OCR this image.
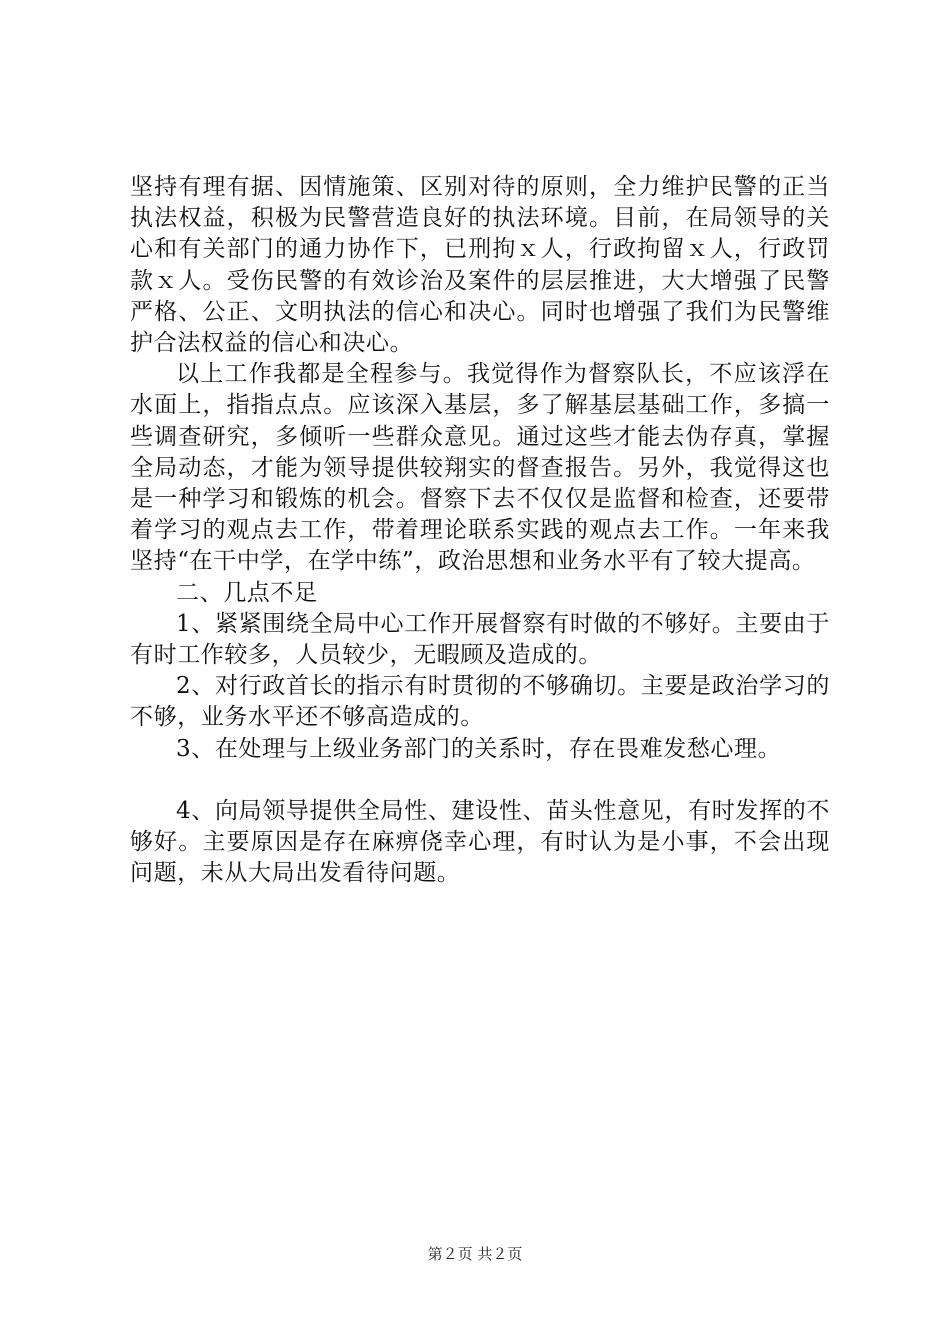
坚持有理有据、因情施策、区别对待的原则，全力维护民警的正当执法权益，积极为民警营造良好的执法环境。目前，在局领导的关心和有关部门的通力协作下，已刑拘ｘ人，行政拘留ｘ人，行政罚款ｘ人。受伤民警的有效诊治及案件的层层推进，大大增强了民警严格、公正、文明执法的信心和决心。同时也增强了我们为民警维护合法权益的信心和决心。

以上工作我都是全程参与。我觉得作为督察队长，不应该浮在水面上，指指点点。应该深入基层，多了解基层基础工作，多搞一些调查研究，多倾听一些群众意见。通过这些才能去伪存真，掌握全局动态，才能为领导提供较翔实的督查报告。另外，我觉得这也是一种学习和锻炼的机会。督察下去不仅仅是监督和检查，还要带着学习的观点去工作，带着理论联系实践的观点去工作。一年来我坚持“在干中学，在学中练”，政治思想和业务水平有了较大提高。

二、几点不足

1、紧紧围绕全局中心工作开展督察有时做的不够好。主要由于有时工作较多，人员较少，无暇顾及造成的。

2、对行政首长的指示有时贯彻的不够确切。主要是政治学习的不够，业务水平还不够高造成的。

3、在处理与上级业务部门的关系时，存在畏难发愁心理。

4、向局领导提供全局性、建设性、苗头性意见，有时发挥的不够好。主要原因是存在麻痹侥幸心理，有时认为是小事，不会出现问题，未从大局出发看待问题。

第２页 共２页
